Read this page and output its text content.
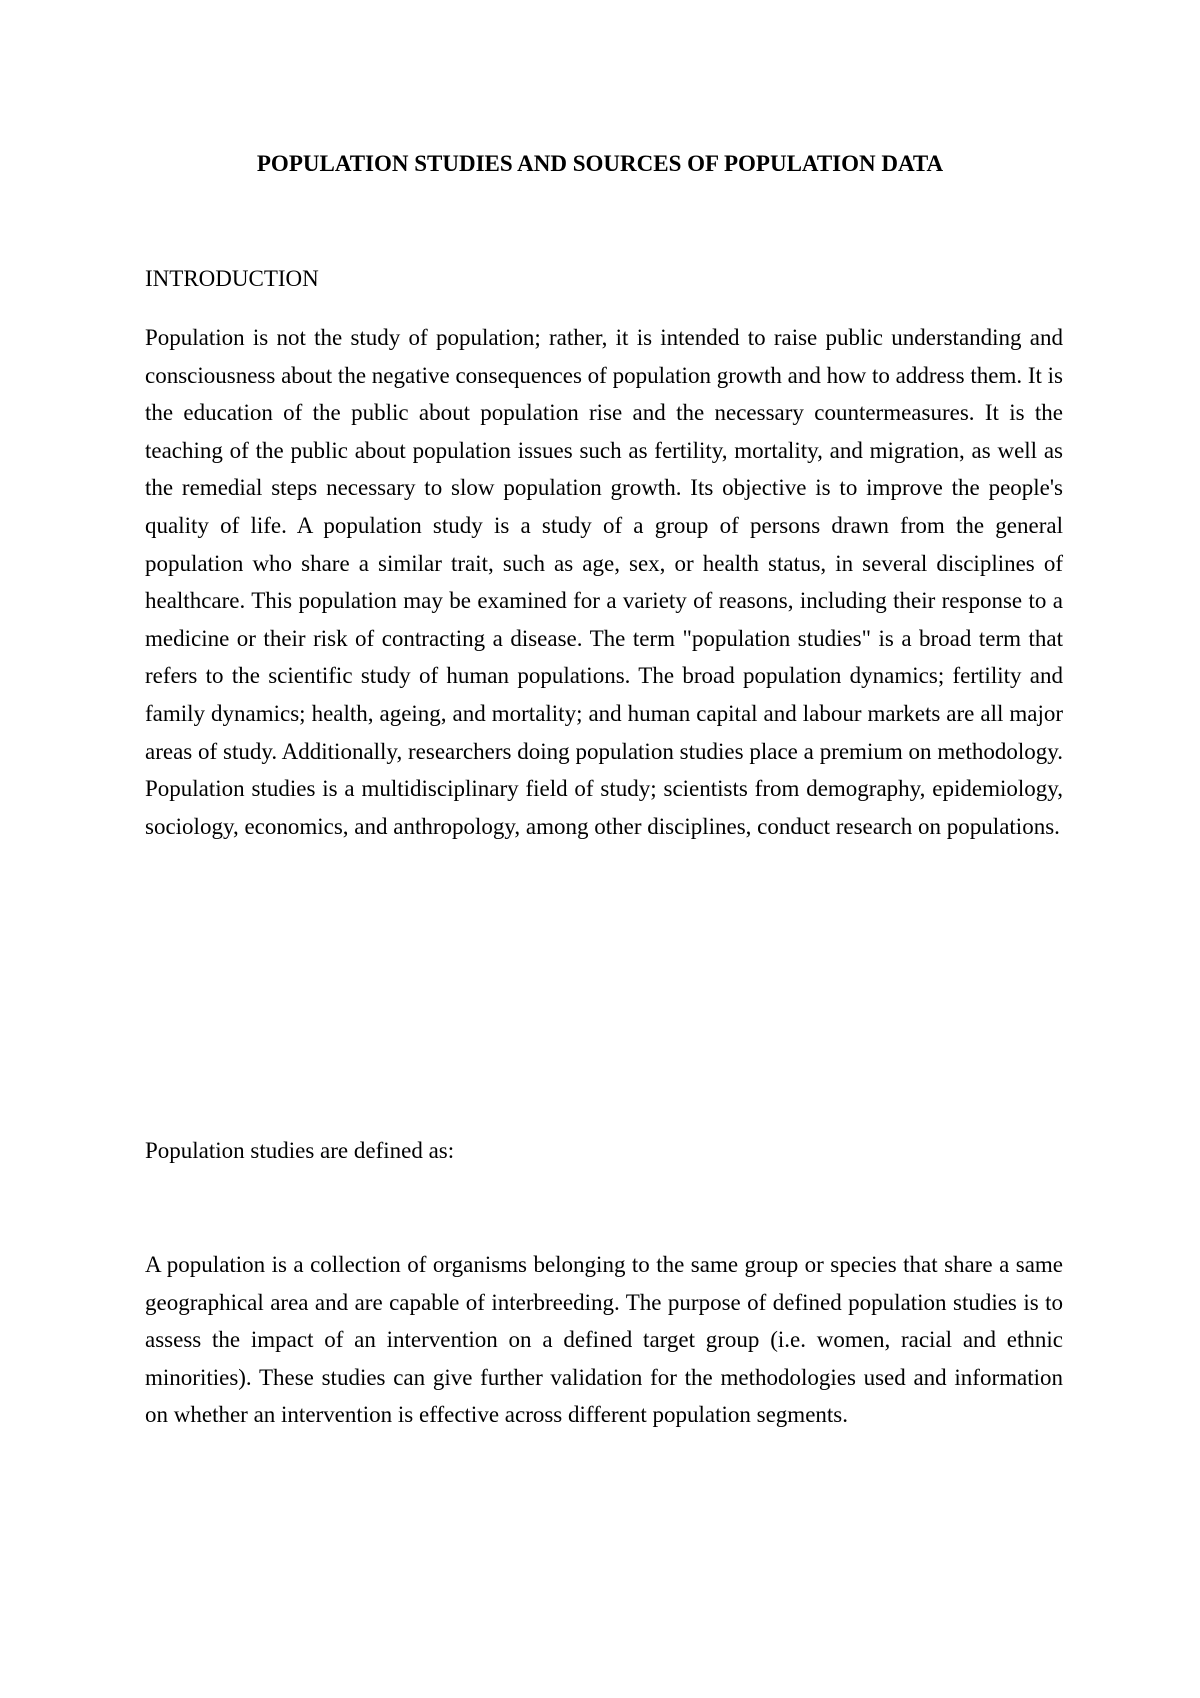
POPULATION STUDIES AND SOURCES OF POPULATION DATA
INTRODUCTION

Population is not the study of population; rather, it is intended to raise public understanding and consciousness about the negative consequences of population growth and how to address them. It is the education of the public about population rise and the necessary countermeasures. It is the teaching of the public about population issues such as fertility, mortality, and migration, as well as the remedial steps necessary to slow population growth. Its objective is to improve the people's quality of life. A population study is a study of a group of persons drawn from the general population who share a similar trait, such as age, sex, or health status, in several disciplines of healthcare. This population may be examined for a variety of reasons, including their response to a medicine or their risk of contracting a disease. The term "population studies" is a broad term that refers to the scientific study of human populations. The broad population dynamics; fertility and family dynamics; health, ageing, and mortality; and human capital and labour markets are all major areas of study. Additionally, researchers doing population studies place a premium on methodology. Population studies is a multidisciplinary field of study; scientists from demography, epidemiology, sociology, economics, and anthropology, among other disciplines, conduct research on populations.

Population studies are defined as:

A population is a collection of organisms belonging to the same group or species that share a same geographical area and are capable of interbreeding. The purpose of defined population studies is to assess the impact of an intervention on a defined target group (i.e. women, racial and ethnic minorities). These studies can give further validation for the methodologies used and information on whether an intervention is effective across different population segments.
